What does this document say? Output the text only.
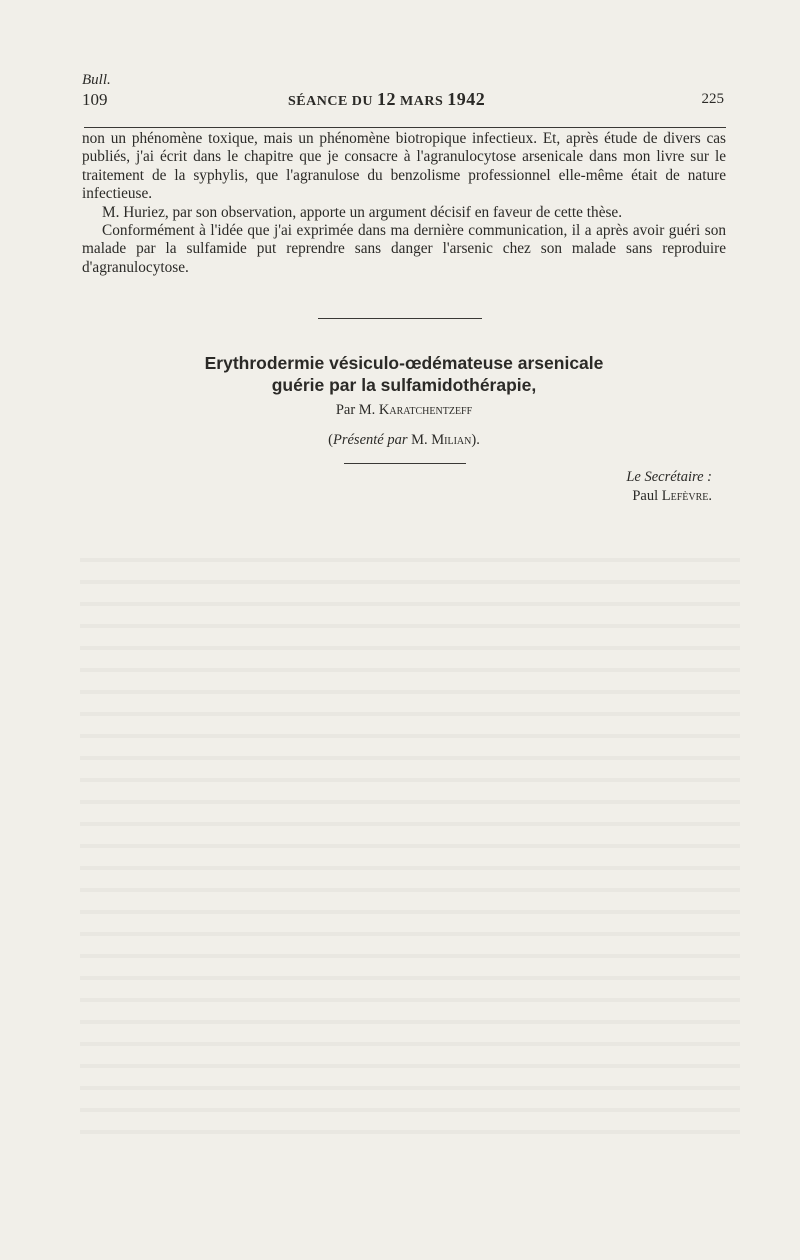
Bull.
109	SÉANCE DU 12 MARS 1942	225

non un phénomène toxique, mais un phénomène biotropique infectieux. Et, après étude de divers cas publiés, j'ai écrit dans le chapitre que je consacre à l'agranulocytose arsenicale dans mon livre sur le traitement de la syphylis, que l'agranulose du benzolisme professionnel elle-même était de nature infectieuse.

M. Huriez, par son observation, apporte un argument décisif en faveur de cette thèse.

Conformément à l'idée que j'ai exprimée dans ma dernière communication, il a après avoir guéri son malade par la sulfamide put reprendre sans danger l'arsenic chez son malade sans reproduire d'agranulocytose.

Erythrodermie vésiculo-œdémateuse arsenicale
guérie par la sulfamidothérapie,
Par M. Karatchentzeff
(Présenté par M. Milian).
Le Secrétaire :
Paul Lefèvre.
